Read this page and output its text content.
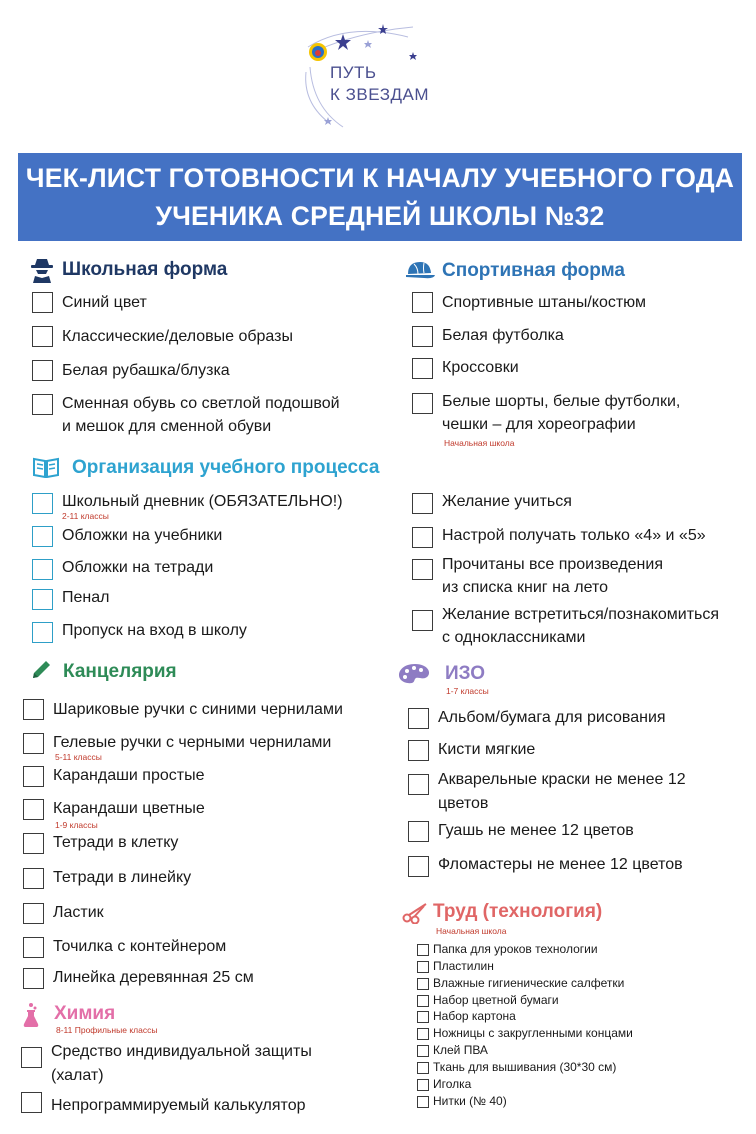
ПУТЬ
К ЗВЕЗДАМ
ЧЕК-ЛИСТ ГОТОВНОСТИ К НАЧАЛУ УЧЕБНОГО ГОДА
УЧЕНИКА СРЕДНЕЙ ШКОЛЫ №32
Школьная форма
Синий цвет
Классические/деловые образы
Белая рубашка/блузка
Сменная обувь со светлой подошвой
и мешок для сменной обуви
Спортивная форма
Спортивные штаны/костюм
Белая футболка
Кроссовки
Белые шорты, белые футболки,
чешки – для хореографии
Начальная школа
Организация учебного процесса
Школьный дневник (ОБЯЗАТЕЛЬНО!)
2-11 классы
Обложки на учебники
Обложки на тетради
Пенал
Пропуск на вход в школу
Желание учиться
Настрой получать только «4» и «5»
Прочитаны все произведения
из списка книг на лето
Желание встретиться/познакомиться
с одноклассниками
Канцелярия
Шариковые ручки с синими чернилами
Гелевые ручки с черными чернилами
5-11 классы
Карандаши простые
Карандаши цветные
1-9 классы
Тетради в клетку
Тетради в линейку
Ластик
Точилка с контейнером
Линейка деревянная 25 см
ИЗО
1-7 классы
Альбом/бумага для рисования
Кисти мягкие
Акварельные краски не менее 12
цветов
Гуашь не менее 12 цветов
Фломастеры не менее 12 цветов
Труд (технология)
Начальная школа
Папка для уроков технологии
Пластилин
Влажные гигиенические салфетки
Набор цветной бумаги
Набор картона
Ножницы с закругленными концами
Клей ПВА
Ткань для вышивания (30*30 см)
Иголка
Нитки (№ 40)
Химия
8-11 Профильные классы
Средство индивидуальной защиты
(халат)
Непрограммируемый калькулятор
